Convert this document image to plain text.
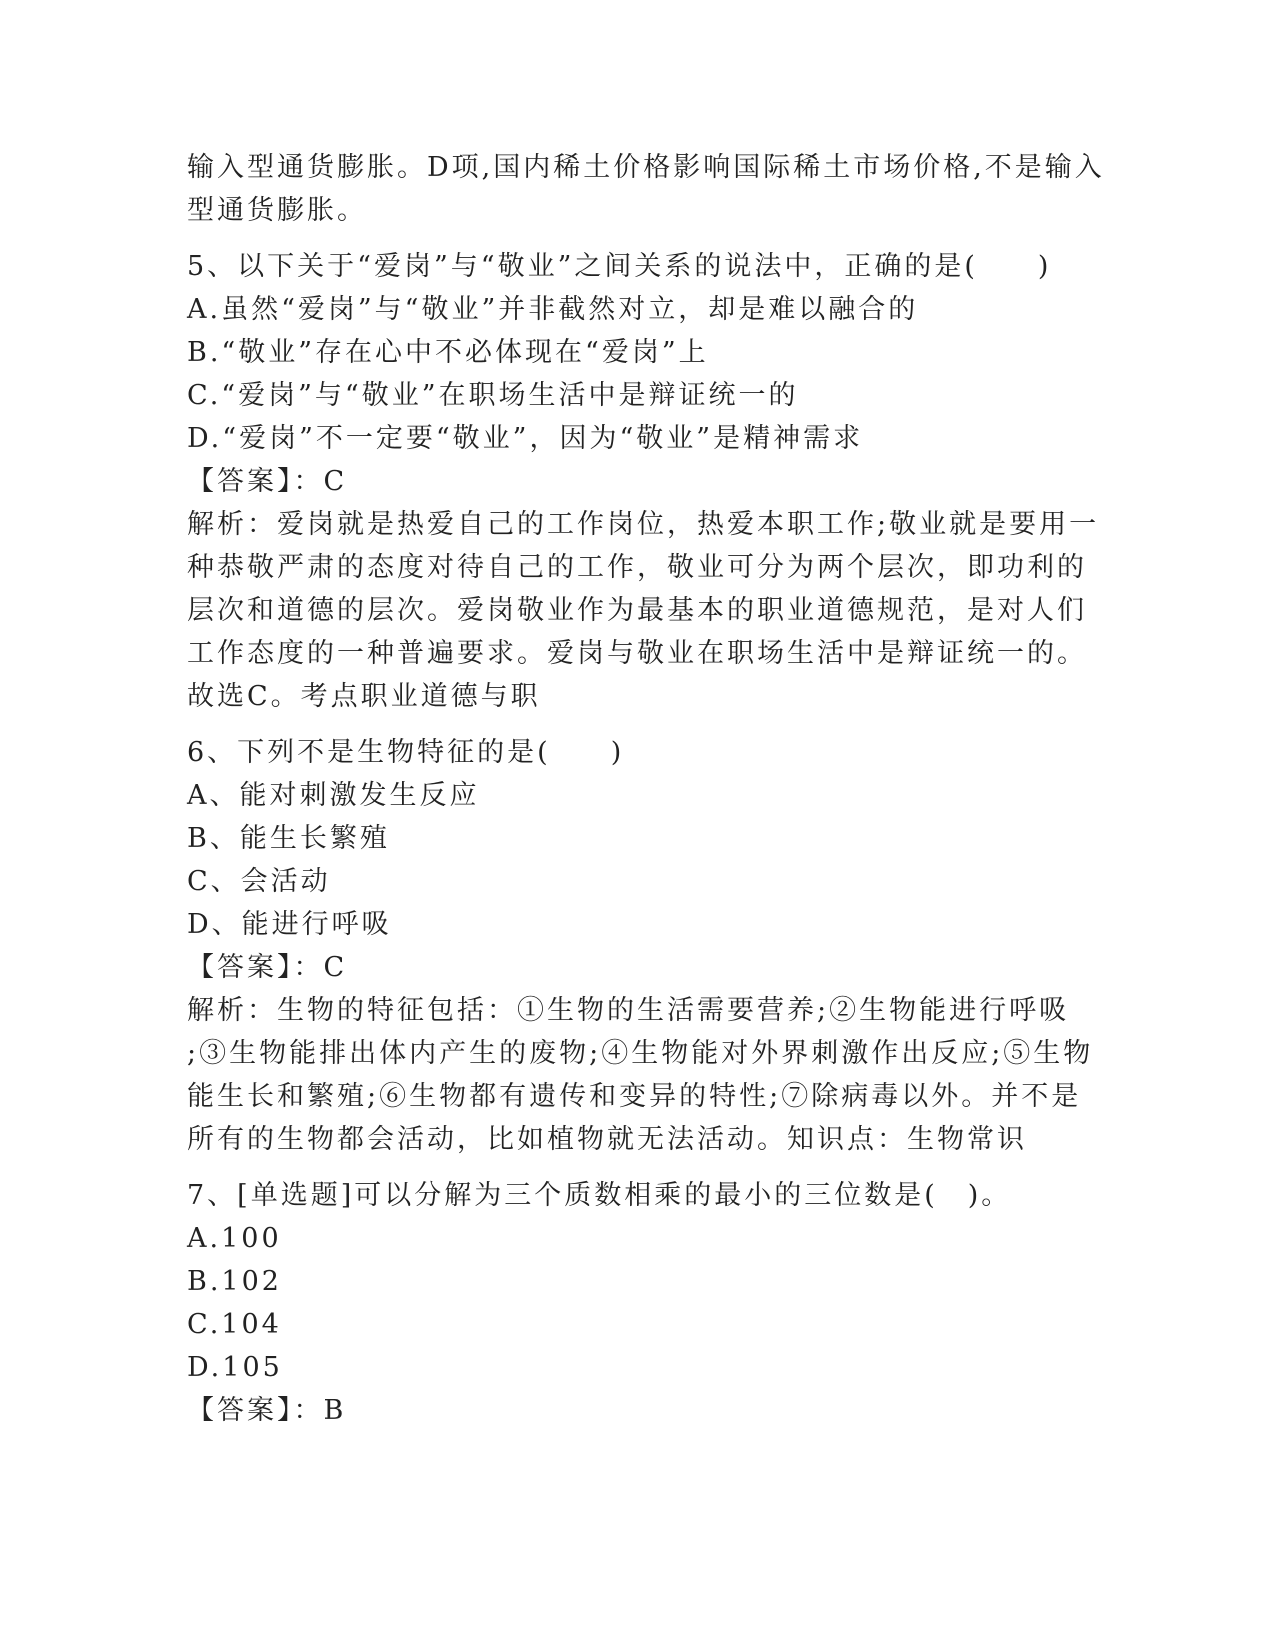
输入型通货膨胀。D项,国内稀土价格影响国际稀土市场价格,不是输入
型通货膨胀。
5、以下关于“爱岗”与“敬业”之间关系的说法中，正确的是(　　)
A.虽然“爱岗”与“敬业”并非截然对立，却是难以融合的
B.“敬业”存在心中不必体现在“爱岗”上
C.“爱岗”与“敬业”在职场生活中是辩证统一的
D.“爱岗”不一定要“敬业”，因为“敬业”是精神需求
【答案】：C
解析：爱岗就是热爱自己的工作岗位，热爱本职工作;敬业就是要用一
种恭敬严肃的态度对待自己的工作，敬业可分为两个层次，即功利的
层次和道德的层次。爱岗敬业作为最基本的职业道德规范，是对人们
工作态度的一种普遍要求。爱岗与敬业在职场生活中是辩证统一的。
故选C。考点职业道德与职
6、下列不是生物特征的是(　　)
A、能对刺激发生反应
B、能生长繁殖
C、会活动
D、能进行呼吸
【答案】：C
解析：生物的特征包括：①生物的生活需要营养;②生物能进行呼吸
;③生物能排出体内产生的废物;④生物能对外界刺激作出反应;⑤生物
能生长和繁殖;⑥生物都有遗传和变异的特性;⑦除病毒以外。并不是
所有的生物都会活动，比如植物就无法活动。知识点：生物常识
7、[单选题]可以分解为三个质数相乘的最小的三位数是(　)。
A.100
B.102
C.104
D.105
【答案】：B
